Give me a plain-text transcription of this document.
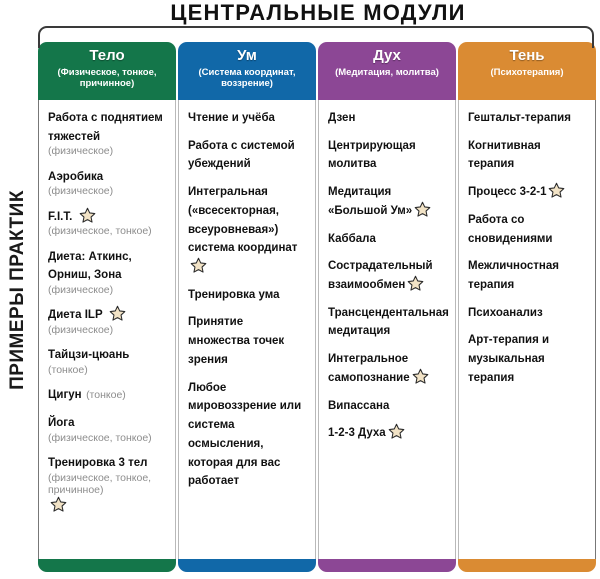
ПРИМЕРЫ ПРАКТИК
ЦЕНТРАЛЬНЫЕ МОДУЛИ
Тело
(Физическое, тонкое, причинное)
Работа с поднятием тяжестей
(физическое)
Аэробика
(физическое)
F.I.T.
(физическое, тонкое)
Диета: Аткинс, Орниш, Зона
(физическое)
Диета ILP
(физическое)
Тайцзи-цюань
(тонкое)
Цигун (тонкое)
Йога
(физическое, тонкое)
Тренировка 3 тел
(физическое, тонкое, причинное)
Ум
(Система координат, воззрение)
Чтение и учёба
Работа с системой убеждений
Интегральная («всесекторная, всеуровневая») система координат
Тренировка ума
Принятие множества точек зрения
Любое мировоззрение или система осмысления, которая для вас работает
Дух
(Медитация, молитва)
Дзен
Центрирующая молитва
Медитация «Большой Ум»
Каббала
Сострадательный взаимообмен
Трансцендентальная медитация
Интегральное самопознание
Випассана
1-2-3 Духа
Тень
(Психотерапия)
Гештальт-терапия
Когнитивная терапия
Процесс 3-2-1
Работа со сновидениями
Межличностная терапия
Психоанализ
Арт-терапия и музыкальная терапия
